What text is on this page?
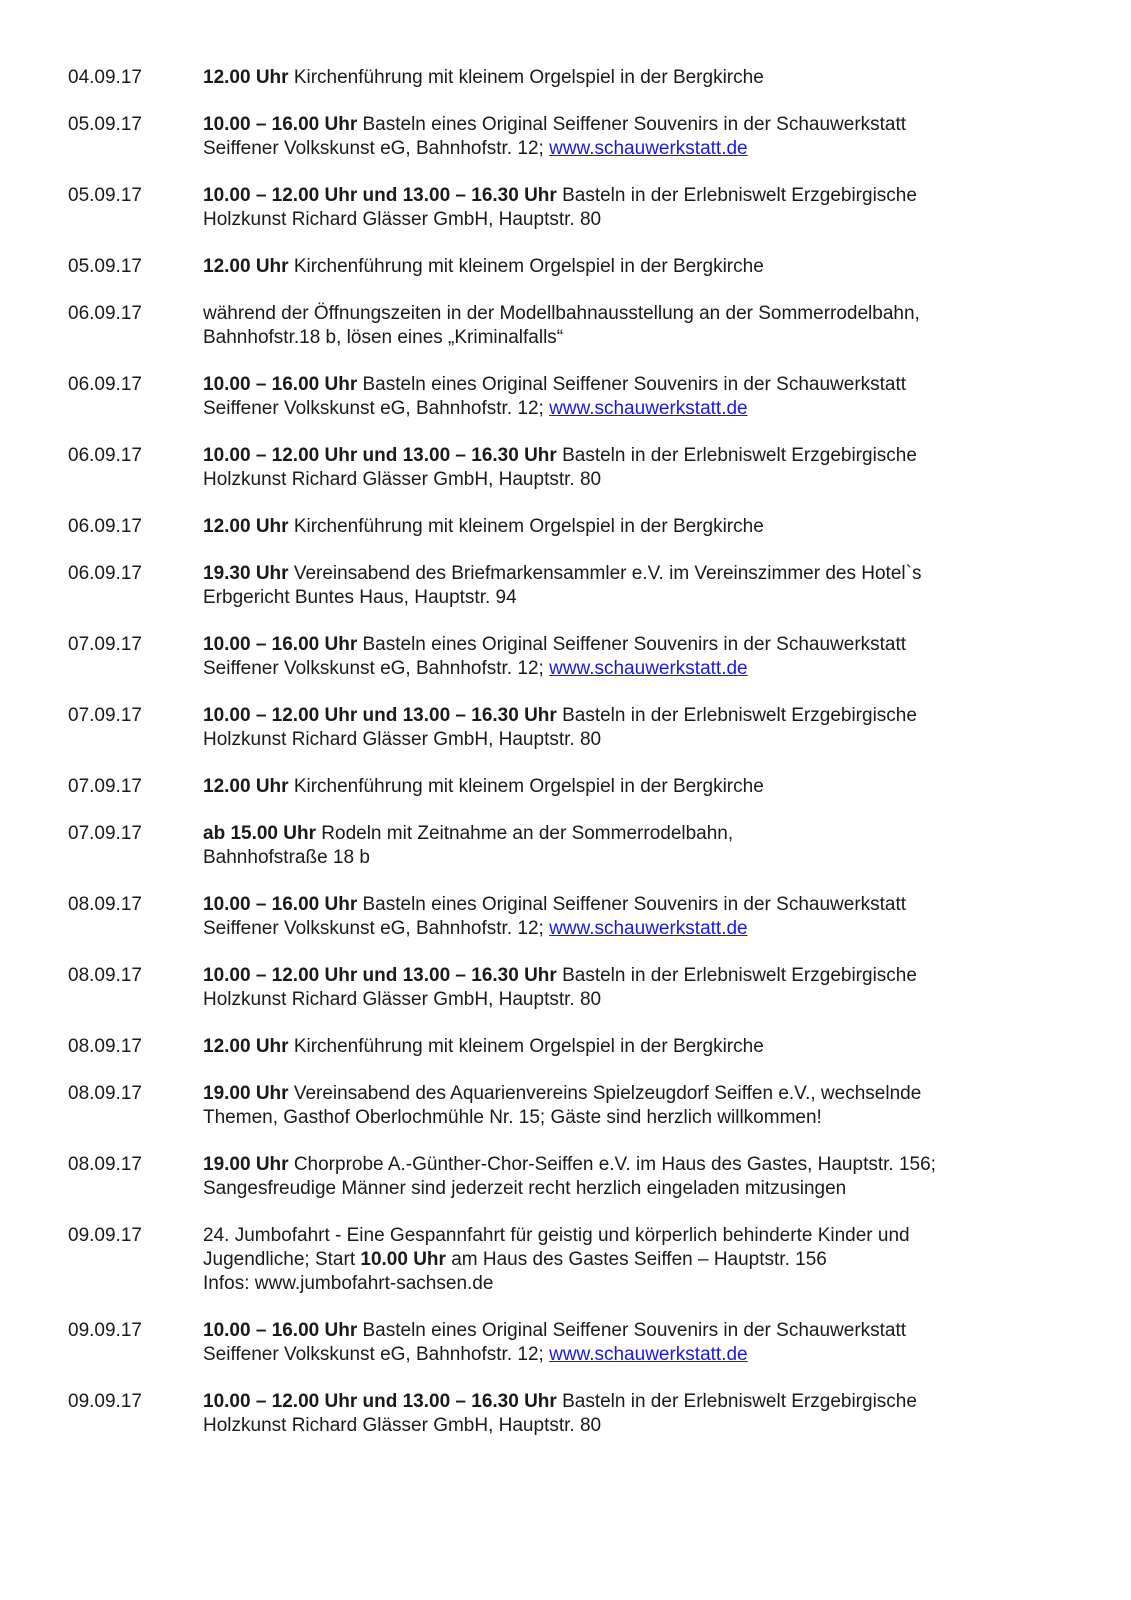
04.09.17	12.00 Uhr Kirchenführung mit kleinem Orgelspiel in der Bergkirche
05.09.17	10.00 – 16.00 Uhr Basteln eines Original Seiffener Souvenirs in der Schauwerkstatt
Seiffener Volkskunst eG, Bahnhofstr. 12; www.schauwerkstatt.de
05.09.17	10.00 – 12.00 Uhr und 13.00 – 16.30 Uhr Basteln in der Erlebniswelt Erzgebirgische
Holzkunst Richard Glässer GmbH, Hauptstr. 80
05.09.17	12.00 Uhr Kirchenführung mit kleinem Orgelspiel in der Bergkirche
06.09.17	während der Öffnungszeiten in der Modellbahnausstellung an der Sommerrodelbahn,
Bahnhofstr.18 b, lösen eines „Kriminalfalls“
06.09.17	10.00 – 16.00 Uhr Basteln eines Original Seiffener Souvenirs in der Schauwerkstatt
Seiffener Volkskunst eG, Bahnhofstr. 12; www.schauwerkstatt.de
06.09.17	10.00 – 12.00 Uhr und 13.00 – 16.30 Uhr Basteln in der Erlebniswelt Erzgebirgische
Holzkunst Richard Glässer GmbH, Hauptstr. 80
06.09.17	12.00 Uhr Kirchenführung mit kleinem Orgelspiel in der Bergkirche
06.09.17	19.30 Uhr Vereinsabend des Briefmarkensammler e.V. im Vereinszimmer des Hotel`s
Erbgericht Buntes Haus, Hauptstr. 94
07.09.17	10.00 – 16.00 Uhr Basteln eines Original Seiffener Souvenirs in der Schauwerkstatt
Seiffener Volkskunst eG, Bahnhofstr. 12; www.schauwerkstatt.de
07.09.17	10.00 – 12.00 Uhr und 13.00 – 16.30 Uhr Basteln in der Erlebniswelt Erzgebirgische
Holzkunst Richard Glässer GmbH, Hauptstr. 80
07.09.17	12.00 Uhr Kirchenführung mit kleinem Orgelspiel in der Bergkirche
07.09.17	ab 15.00 Uhr Rodeln mit Zeitnahme an der Sommerrodelbahn,
Bahnhofstraße 18 b
08.09.17	10.00 – 16.00 Uhr Basteln eines Original Seiffener Souvenirs in der Schauwerkstatt
Seiffener Volkskunst eG, Bahnhofstr. 12; www.schauwerkstatt.de
08.09.17	10.00 – 12.00 Uhr und 13.00 – 16.30 Uhr Basteln in der Erlebniswelt Erzgebirgische
Holzkunst Richard Glässer GmbH, Hauptstr. 80
08.09.17	12.00 Uhr Kirchenführung mit kleinem Orgelspiel in der Bergkirche
08.09.17	19.00 Uhr Vereinsabend des Aquarienvereins Spielzeugdorf Seiffen e.V., wechselnde
Themen, Gasthof Oberlochmühle Nr. 15; Gäste sind herzlich willkommen!
08.09.17	19.00 Uhr Chorprobe A.-Günther-Chor-Seiffen e.V. im Haus des Gastes, Hauptstr. 156;
Sangesfreudige Männer sind jederzeit recht herzlich eingeladen mitzusingen
09.09.17	24. Jumbofahrt - Eine Gespannfahrt für geistig und körperlich behinderte Kinder und
Jugendliche; Start 10.00 Uhr am Haus des Gastes Seiffen – Hauptstr. 156
Infos: www.jumbofahrt-sachsen.de
09.09.17	10.00 – 16.00 Uhr Basteln eines Original Seiffener Souvenirs in der Schauwerkstatt
Seiffener Volkskunst eG, Bahnhofstr. 12; www.schauwerkstatt.de
09.09.17	10.00 – 12.00 Uhr und 13.00 – 16.30 Uhr Basteln in der Erlebniswelt Erzgebirgische
Holzkunst Richard Glässer GmbH, Hauptstr. 80
